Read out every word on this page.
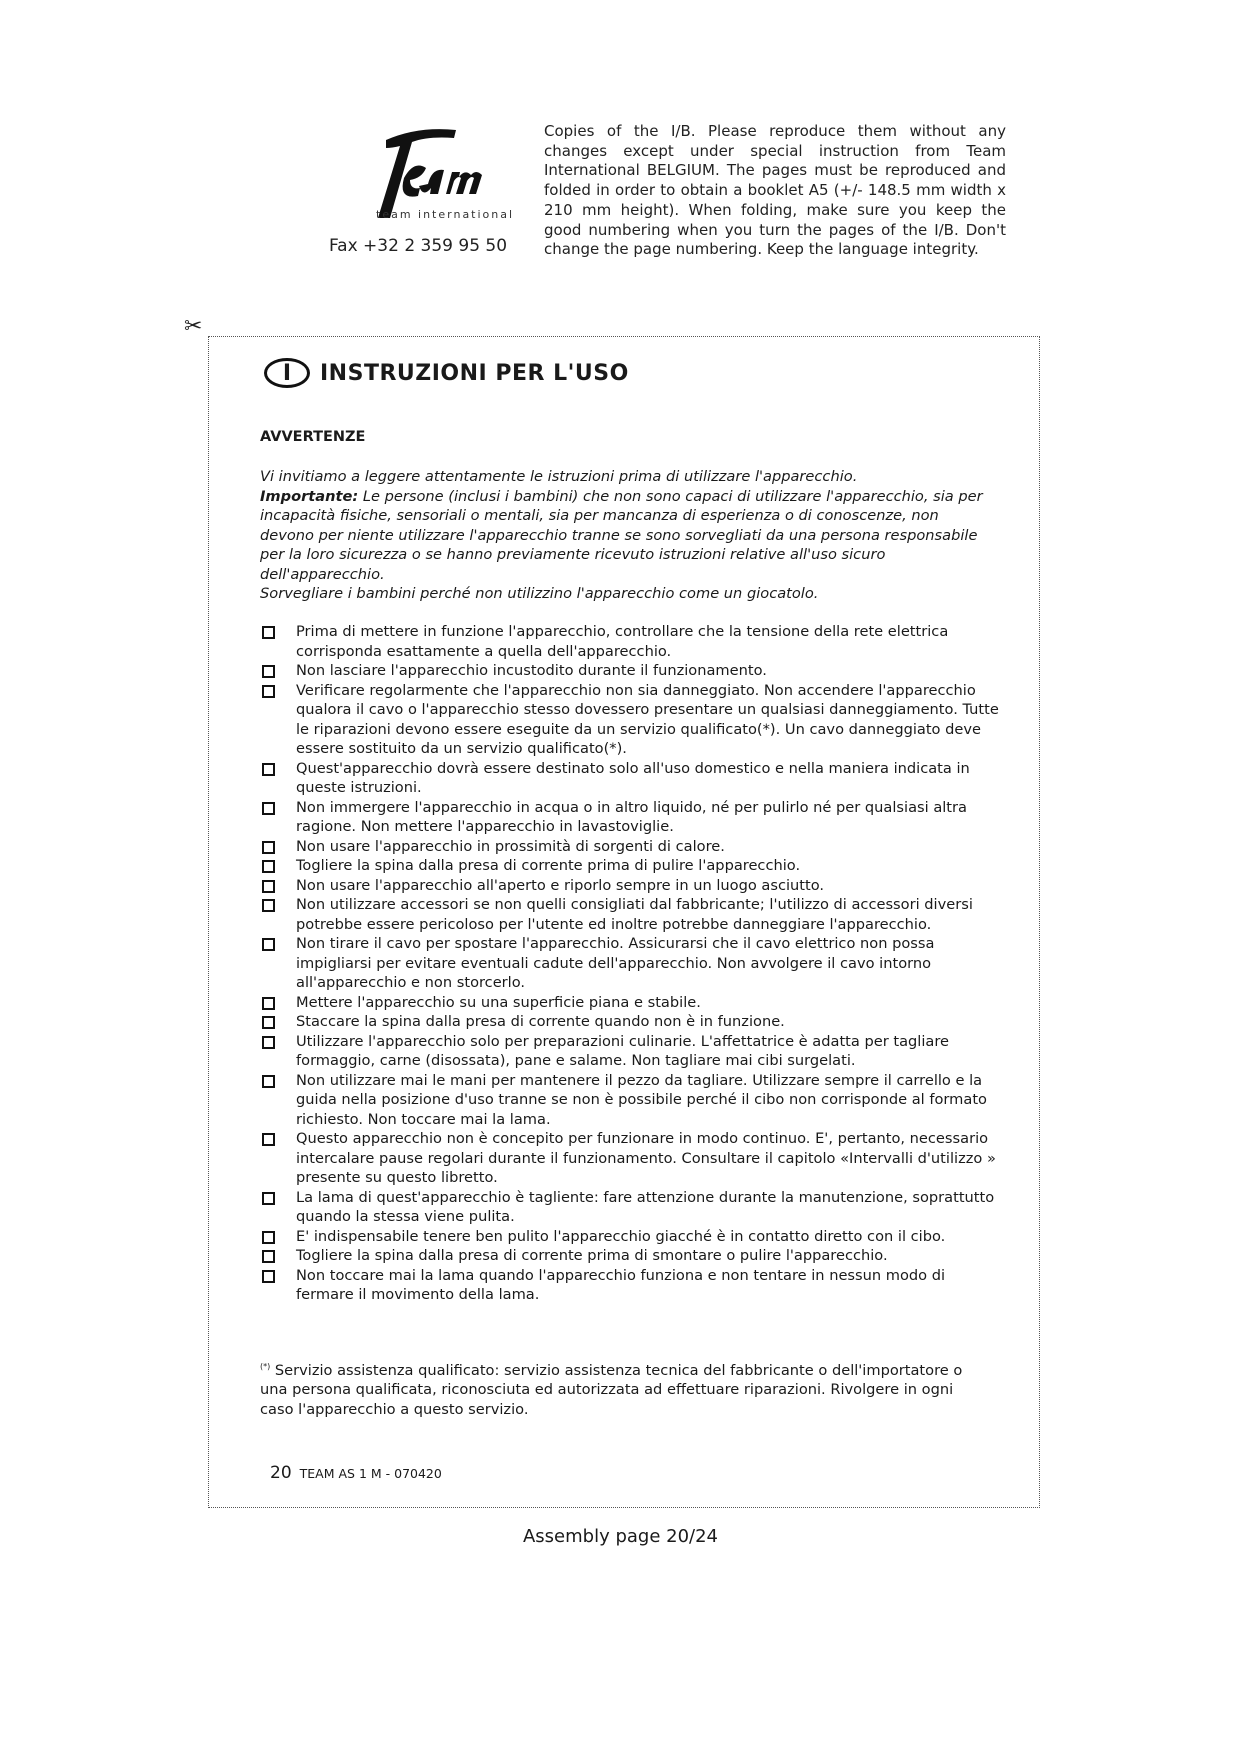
team international
Fax +32 2 359 95 50
Copies of the I/B. Please reproduce them without any changes except under special instruction from Team International BELGIUM. The pages must be reproduced and folded in order to obtain a booklet A5 (+/- 148.5 mm width x 210 mm height). When folding, make sure you keep the good numbering when you turn the pages of the I/B. Don't change the page numbering. Keep the language integrity.
✂
I	INSTRUZIONI PER L'USO
AVVERTENZE

Vi invitiamo a leggere attentamente le istruzioni prima di utilizzare l'apparecchio.

Importante: Le persone (inclusi i bambini) che non sono capaci di utilizzare l'apparecchio, sia per incapacità fisiche, sensoriali o mentali, sia per mancanza di esperienza o di conoscenze, non devono per niente utilizzare l'apparecchio tranne se sono sorvegliati da una persona responsabile per la loro sicurezza o se hanno previamente ricevuto istruzioni relative all'uso sicuro dell'apparecchio.

Sorvegliare i bambini perché non utilizzino l'apparecchio come un giocatolo.

Prima di mettere in funzione l'apparecchio, controllare che la tensione della rete elettrica corrisponda esattamente a quella dell'apparecchio.
Non lasciare l'apparecchio incustodito durante il funzionamento.
Verificare regolarmente che l'apparecchio non sia danneggiato. Non accendere l'apparecchio qualora il cavo o l'apparecchio stesso dovessero presentare un qualsiasi danneggiamento. Tutte le riparazioni devono essere eseguite da un servizio qualificato(*). Un cavo danneggiato deve essere sostituito da un servizio qualificato(*).
Quest'apparecchio dovrà essere destinato solo all'uso domestico e nella maniera indicata in queste istruzioni.
Non immergere l'apparecchio in acqua o in altro liquido, né per pulirlo né per qualsiasi altra ragione. Non mettere l'apparecchio in lavastoviglie.
Non usare l'apparecchio in prossimità di sorgenti di calore.
Togliere la spina dalla presa di corrente prima di pulire l'apparecchio.
Non usare l'apparecchio all'aperto e riporlo sempre in un luogo asciutto.
Non utilizzare accessori se non quelli consigliati dal fabbricante; l'utilizzo di accessori diversi potrebbe essere pericoloso per l'utente ed inoltre potrebbe danneggiare l'apparecchio.
Non tirare il cavo per spostare l'apparecchio. Assicurarsi che il cavo elettrico non possa impigliarsi per evitare eventuali cadute dell'apparecchio. Non avvolgere il cavo intorno all'apparecchio e non storcerlo.
Mettere l'apparecchio su una superficie piana e stabile.
Staccare la spina dalla presa di corrente quando non è in funzione.
Utilizzare l'apparecchio solo per preparazioni culinarie. L'affettatrice è adatta per tagliare formaggio, carne (disossata), pane e salame. Non tagliare mai cibi surgelati.
Non utilizzare mai le mani per mantenere il pezzo da tagliare. Utilizzare sempre il carrello e la guida nella posizione d'uso tranne se non è possibile perché il cibo non corrisponde al formato richiesto. Non toccare mai la lama.
Questo apparecchio non è concepito per funzionare in modo continuo. E', pertanto, necessario intercalare pause regolari durante il funzionamento. Consultare il capitolo «Intervalli d'utilizzo » presente su questo libretto.
La lama di quest'apparecchio è tagliente: fare attenzione durante la manutenzione, soprattutto quando la stessa viene pulita.
E' indispensabile tenere ben pulito l'apparecchio giacché è in contatto diretto con il cibo.
Togliere la spina dalla presa di corrente prima di smontare o pulire l'apparecchio.
Non toccare mai la lama quando l'apparecchio funziona e non tentare in nessun modo di fermare il movimento della lama.
(*) Servizio assistenza qualificato: servizio assistenza tecnica del fabbricante o dell'importatore o una persona qualificata, riconosciuta ed autorizzata ad effettuare riparazioni. Rivolgere in ogni caso l'apparecchio a questo servizio.
20 TEAM AS 1 M - 070420
Assembly page 20/24
